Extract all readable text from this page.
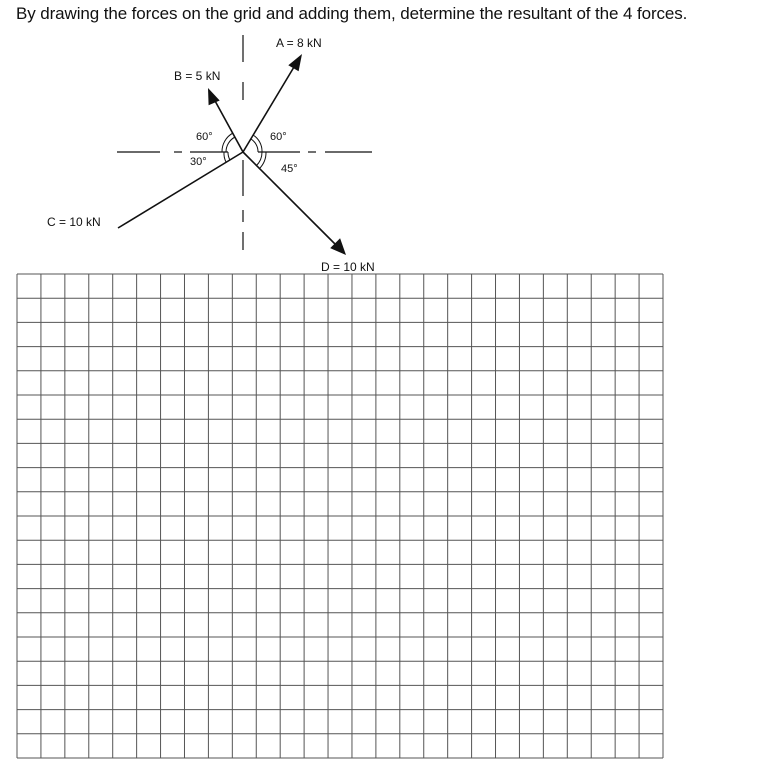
By drawing the forces on the grid and adding them, determine the resultant of the 4 forces.
A = 8 kN
B = 5 kN
C = 10 kN
D = 10 kN
60°
30°
60°
45°
